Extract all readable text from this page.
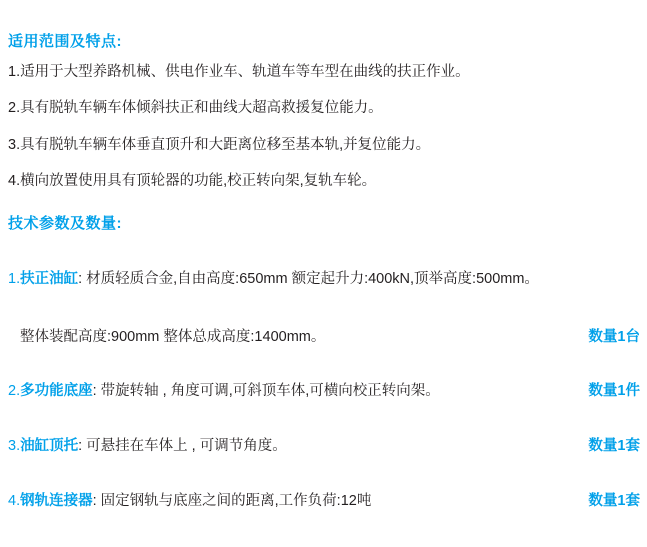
适用范围及特点:
1.适用于大型养路机械、供电作业车、轨道车等车型在曲线的扶正作业。
2.具有脱轨车辆车体倾斜扶正和曲线大超高救援复位能力。
3.具有脱轨车辆车体垂直顶升和大距离位移至基本轨,并复位能力。
4.横向放置使用具有顶轮器的功能,校正转向架,复轨车轮。
技术参数及数量:
1.扶正油缸: 材质轻质合金,自由高度:650mm 额定起升力:400kN,顶举高度:500mm。
整体装配高度:900mm 整体总成高度:1400mm。	数量1台
2.多功能底座: 带旋转轴 , 角度可调,可斜顶车体,可横向校正转向架。	数量1件
3.油缸顶托: 可悬挂在车体上 , 可调节角度。	数量1套
4.钢轨连接器: 固定钢轨与底座之间的距离,工作负荷:12吨	数量1套
